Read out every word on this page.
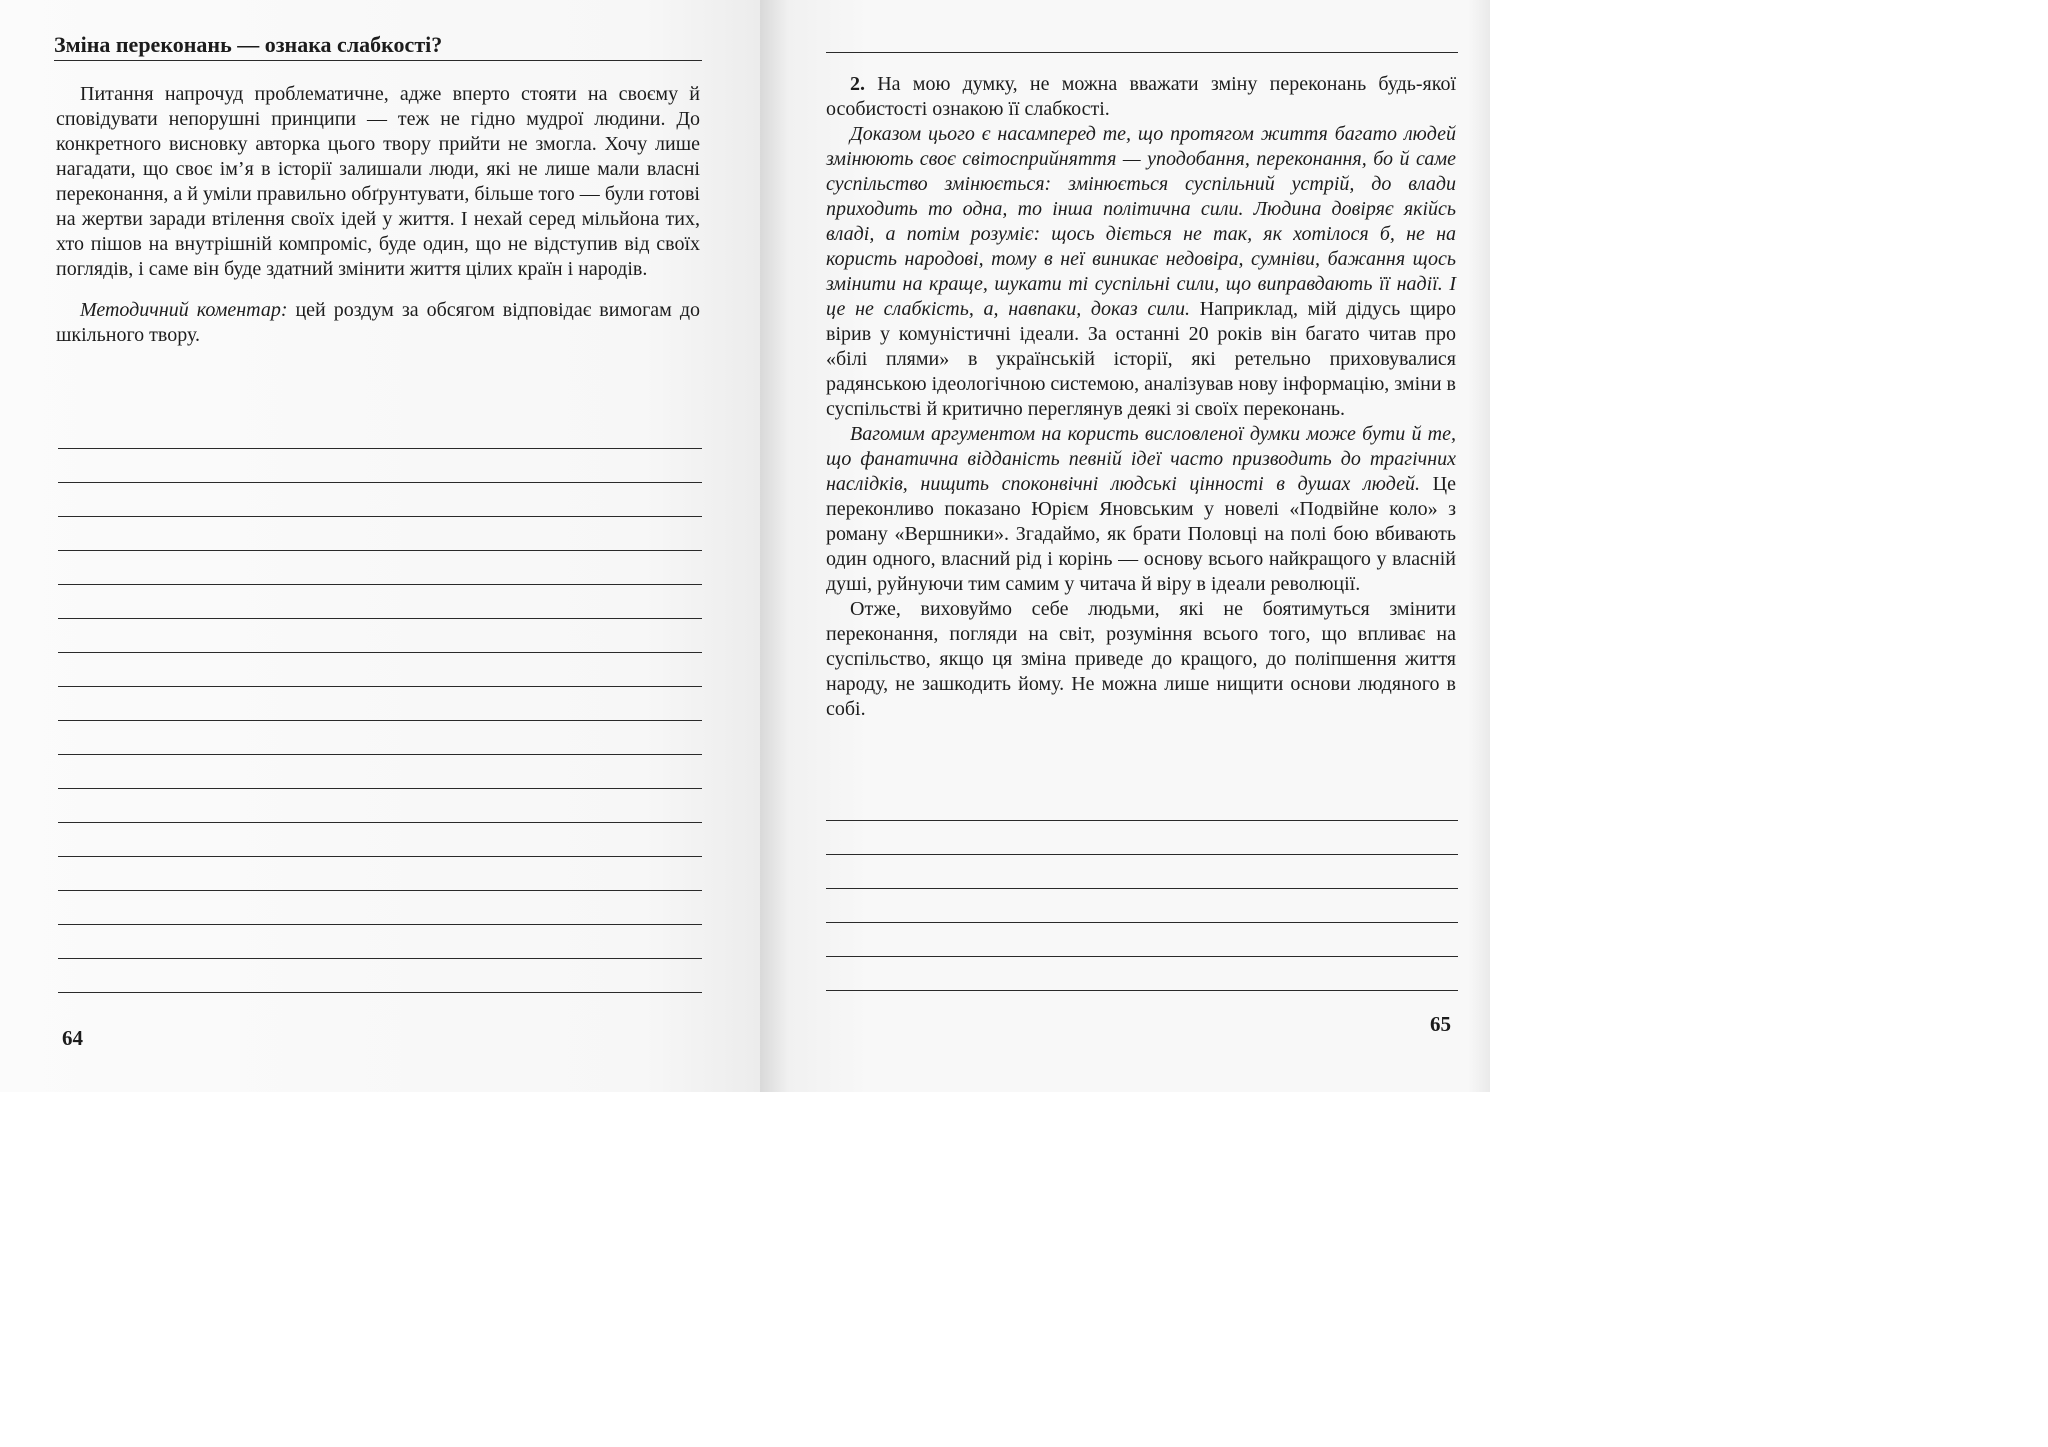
Зміна переконань — ознака слабкості?

Питання напрочуд проблематичне, адже вперто стояти на своєму й сповідувати непорушні принципи — теж не гідно мудрої людини. До конкретного висновку авторка цього твору прийти не змогла. Хочу лише нагадати, що своє ім’я в історії залишали люди, які не лише мали власні переконання, а й уміли правильно обґрунтувати, більше того — були готові на жертви заради втілення своїх ідей у життя. І нехай серед мільйона тих, хто пішов на внутрішній компроміс, буде один, що не відступив від своїх поглядів, і саме він буде здатний змінити життя цілих країн і народів.

Методичний коментар: цей роздум за обсягом відповідає вимогам до шкільного твору.

64

2. На мою думку, не можна вважати зміну переконань будь-якої особистості ознакою її слабкості.

Доказом цього є насамперед те, що протягом життя багато людей змінюють своє світосприйняття — уподобання, переконання, бо й саме суспільство змінюється: змінюється суспільний устрій, до влади приходить то одна, то інша політична сили. Людина довіряє якійсь владі, а потім розуміє: щось діється не так, як хотілося б, не на користь народові, тому в неї виникає недовіра, сумніви, бажання щось змінити на краще, шукати ті суспільні сили, що виправдають її надії. І це не слабкість, а, навпаки, доказ сили. Наприклад, мій дідусь щиро вірив у комуністичні ідеали. За останні 20 років він багато читав про «білі плями» в українській історії, які ретельно приховувалися радянською ідеологічною системою, аналізував нову інформацію, зміни в суспільстві й критично переглянув деякі зі своїх переконань.

Вагомим аргументом на користь висловленої думки може бути й те, що фанатична відданість певній ідеї часто призводить до трагічних наслідків, нищить споконвічні людські цінності в душах людей. Це переконливо показано Юрієм Яновським у новелі «Подвійне коло» з роману «Вершники». Згадаймо, як брати Половці на полі бою вбивають один одного, власний рід і корінь — основу всього найкращого у власній душі, руйнуючи тим самим у читача й віру в ідеали революції.

Отже, виховуймо себе людьми, які не боятимуться змінити переконання, погляди на світ, розуміння всього того, що впливає на суспільство, якщо ця зміна приведе до кращого, до поліпшення життя народу, не зашкодить йому. Не можна лише нищити основи людяного в собі.

65
